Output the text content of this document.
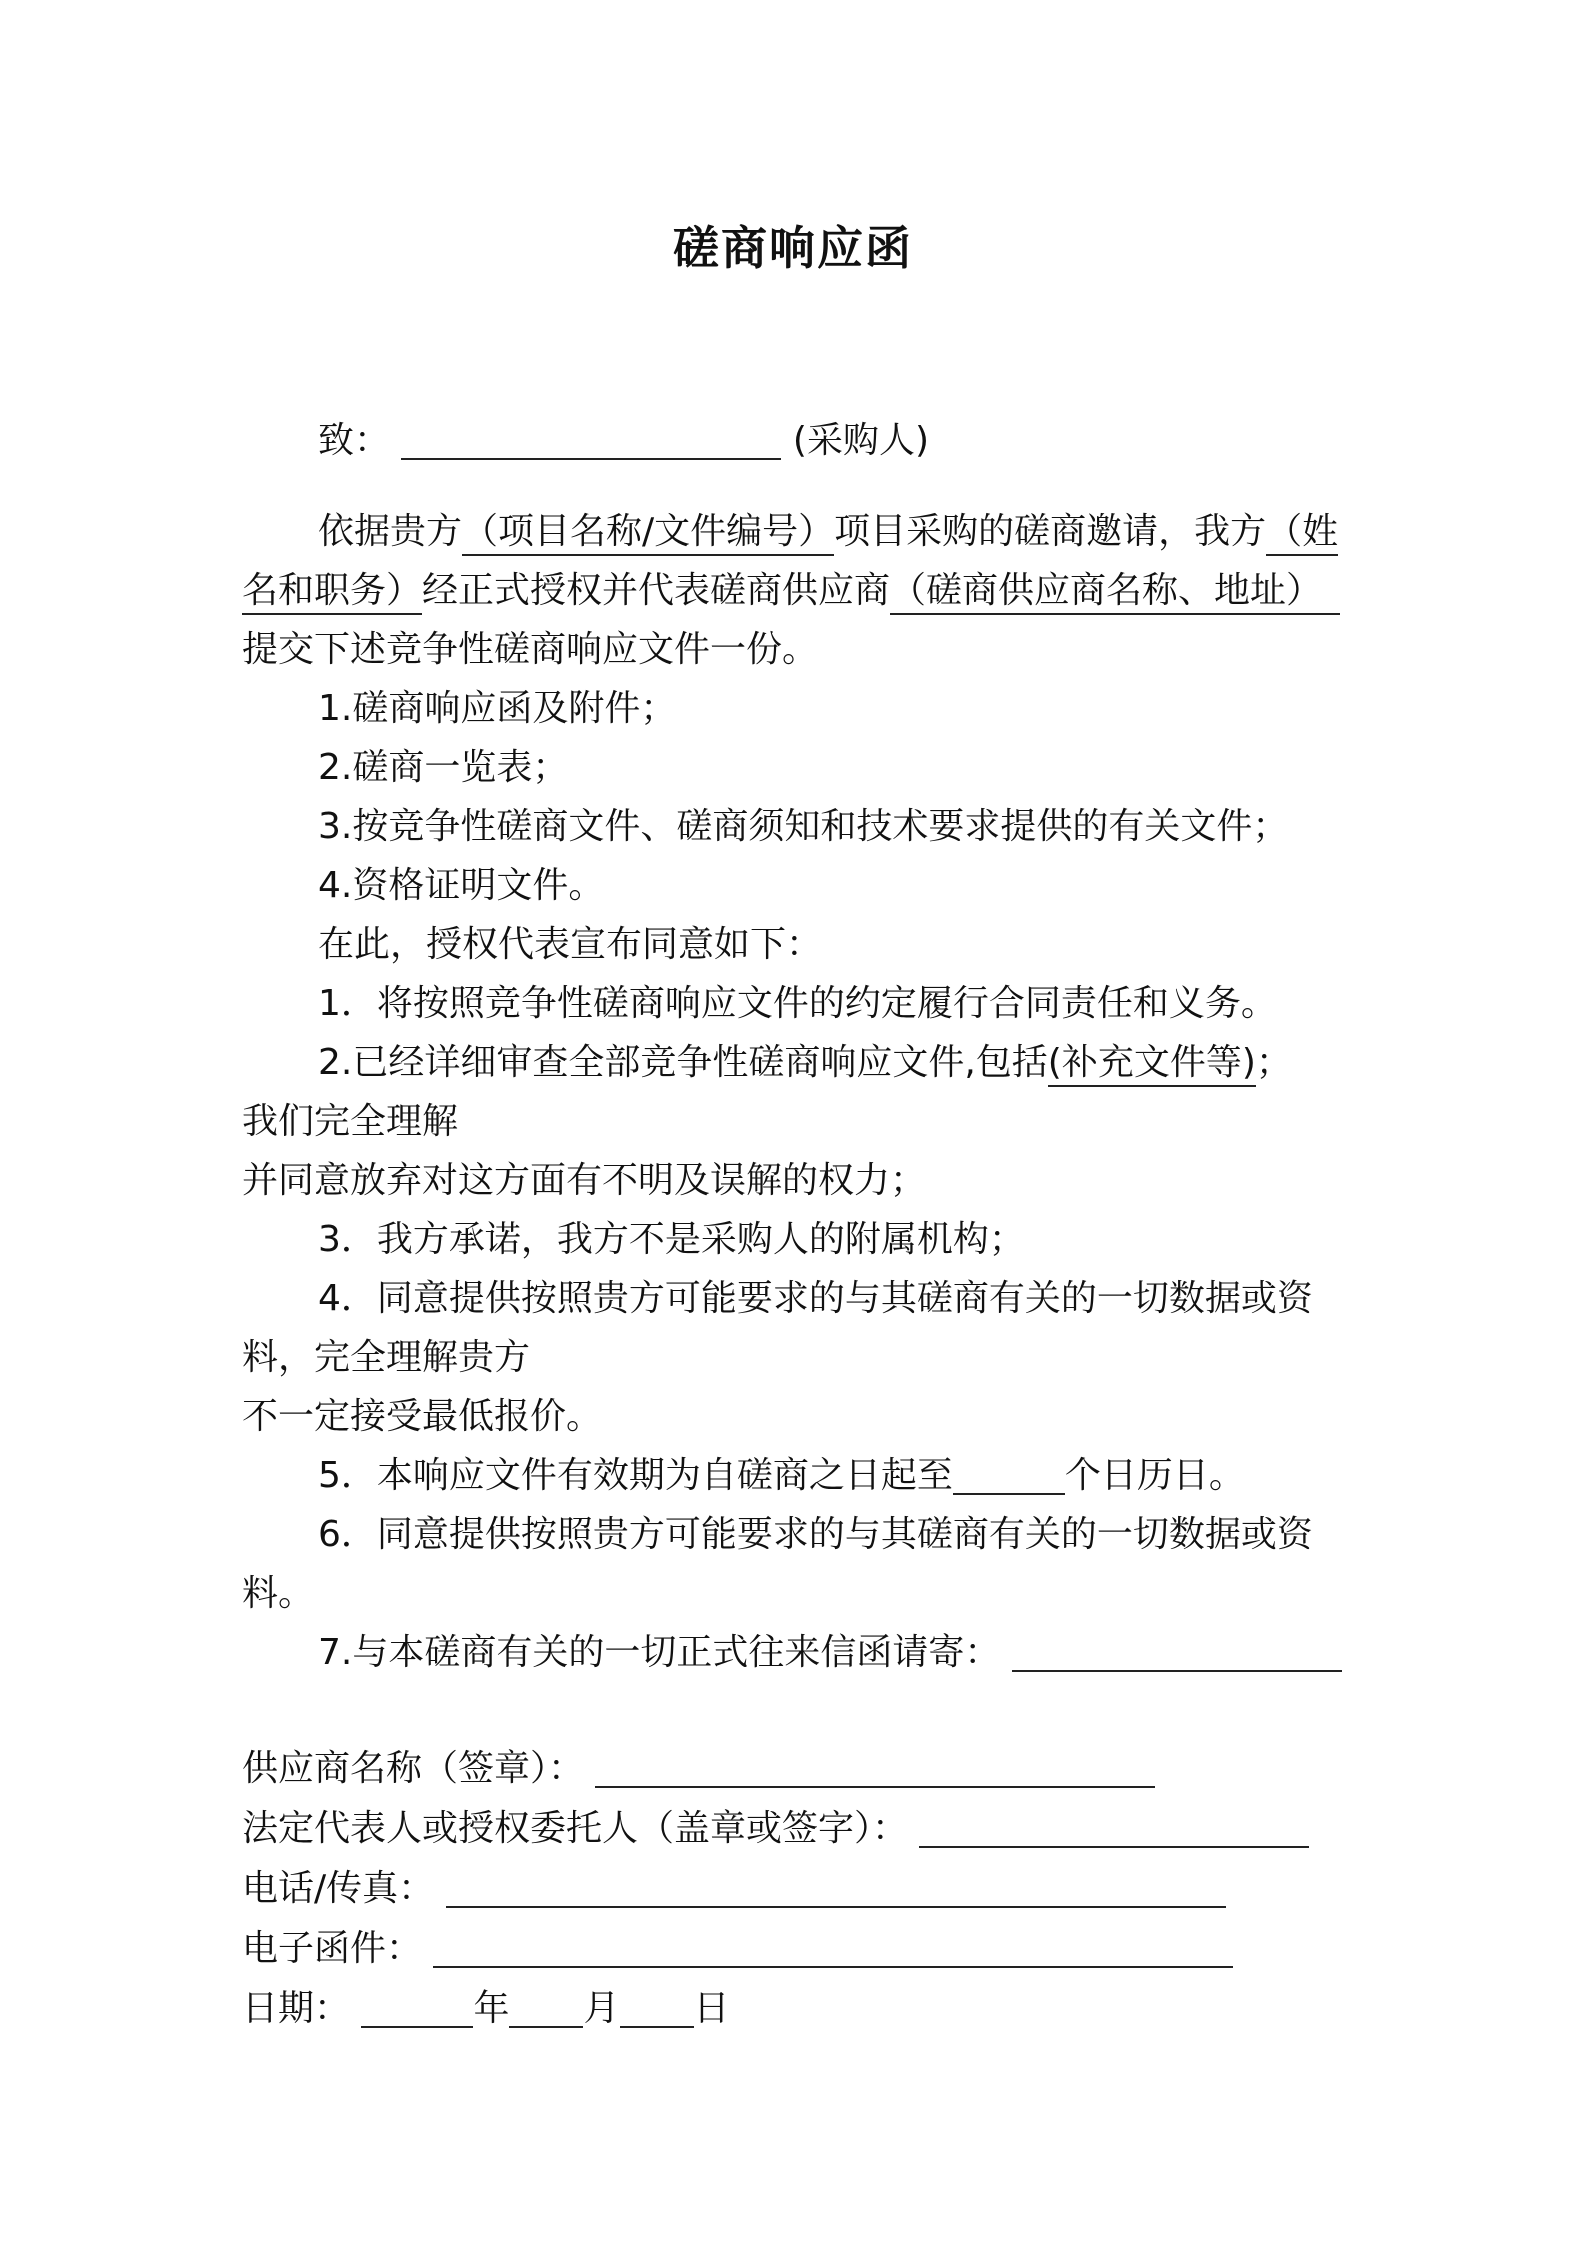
磋商响应函
致：	(采购人)
依据贵方（项目名称/文件编号）项目采购的磋商邀请，我方（姓
名和职务）经正式授权并代表磋商供应商（磋商供应商名称、地址）
提交下述竞争性磋商响应文件一份。
1.磋商响应函及附件；
2.磋商一览表；
3.按竞争性磋商文件、磋商须知和技术要求提供的有关文件；
4.资格证明文件。
在此，授权代表宣布同意如下：
1．将按照竞争性磋商响应文件的约定履行合同责任和义务。
2.已经详细审查全部竞争性磋商响应文件,包括(补充文件等)；
我们完全理解
并同意放弃对这方面有不明及误解的权力；
3．我方承诺，我方不是采购人的附属机构；
4．同意提供按照贵方可能要求的与其磋商有关的一切数据或资
料，完全理解贵方
不一定接受最低报价。
5．本响应文件有效期为自磋商之日起至	个日历日。
6．同意提供按照贵方可能要求的与其磋商有关的一切数据或资
料。
7.与本磋商有关的一切正式往来信函请寄：
供应商名称（签章）：
法定代表人或授权委托人（盖章或签字）：
电话/传真：
电子函件：
日期：	年 月 日
